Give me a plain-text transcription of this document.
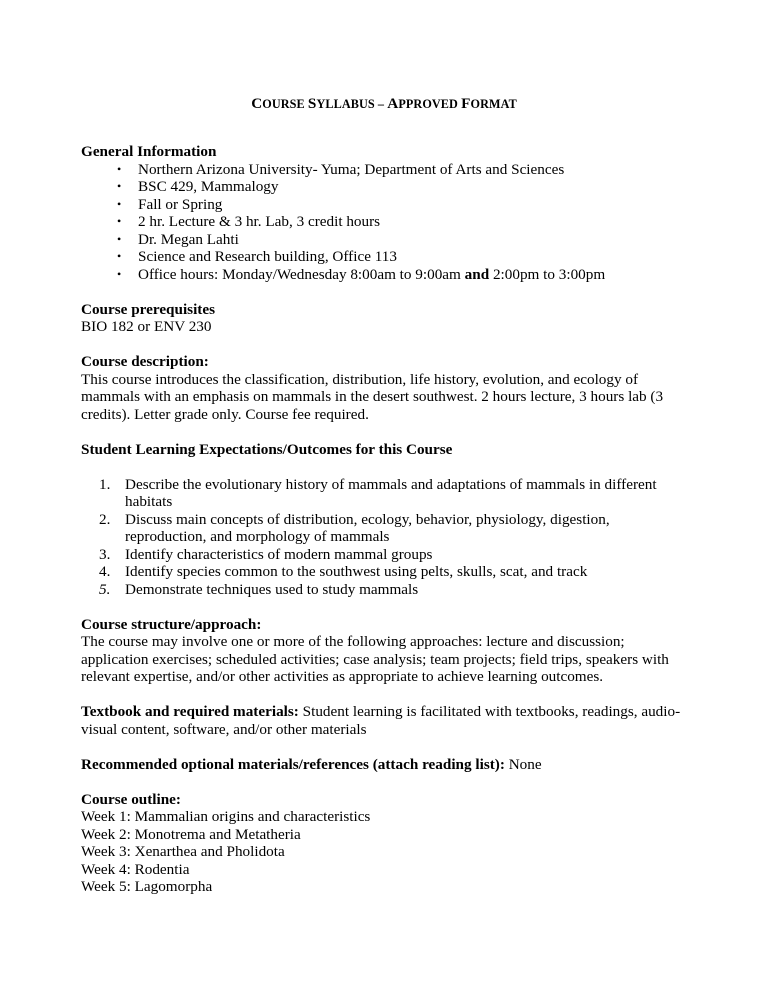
COURSE SYLLABUS – APPROVED FORMAT
General Information
• Northern Arizona University- Yuma; Department of Arts and Sciences
• BSC 429, Mammalogy
• Fall or Spring
• 2 hr. Lecture & 3 hr. Lab, 3 credit hours
• Dr. Megan Lahti
• Science and Research building, Office 113
• Office hours: Monday/Wednesday 8:00am to 9:00am and 2:00pm to 3:00pm
Course prerequisites
BIO 182 or ENV 230
Course description:
This course introduces the classification, distribution, life history, evolution, and ecology of mammals with an emphasis on mammals in the desert southwest. 2 hours lecture, 3 hours lab (3 credits). Letter grade only. Course fee required.
Student Learning Expectations/Outcomes for this Course
1. Describe the evolutionary history of mammals and adaptations of mammals in different habitats
2. Discuss main concepts of distribution, ecology, behavior, physiology, digestion, reproduction, and morphology of mammals
3. Identify characteristics of modern mammal groups
4. Identify species common to the southwest using pelts, skulls, scat, and track
5. Demonstrate techniques used to study mammals
Course structure/approach:
The course may involve one or more of the following approaches: lecture and discussion; application exercises; scheduled activities; case analysis; team projects; field trips, speakers with relevant expertise, and/or other activities as appropriate to achieve learning outcomes.
Textbook and required materials: Student learning is facilitated with textbooks, readings, audio-visual content, software, and/or other materials
Recommended optional materials/references (attach reading list): None
Course outline:
Week 1: Mammalian origins and characteristics
Week 2: Monotrema and Metatheria
Week 3: Xenarthea and Pholidota
Week 4: Rodentia
Week 5: Lagomorpha
